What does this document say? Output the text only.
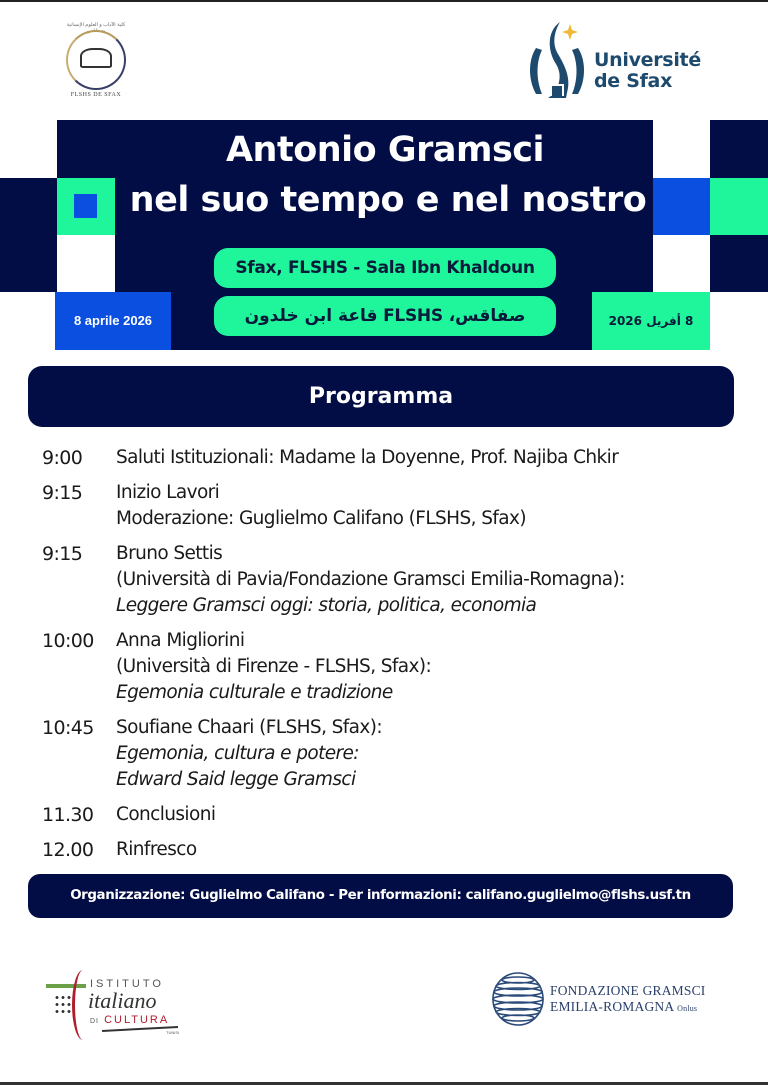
كلية الآداب و العلوم الإنسانية بصفاقس
FLSHS DE SFAX
Université
de Sfax
Antonio Gramsci
nel suo tempo e nel nostro
Sfax, FLSHS - Sala Ibn Khaldoun
صفاقس، FLSHS قاعة ابن خلدون
8 aprile 2026	8 أفريل 2026
Programma
9:00	Saluti Istituzionali: Madame la Doyenne, Prof. Najiba Chkir
9:15	Inizio Lavori
Moderazione: Guglielmo Califano (FLSHS, Sfax)
9:15	Bruno Settis
(Università di Pavia/Fondazione Gramsci Emilia-Romagna):
Leggere Gramsci oggi: storia, politica, economia
10:00	Anna Migliorini
(Università di Firenze - FLSHS, Sfax):
Egemonia culturale e tradizione
10:45	Soufiane Chaari (FLSHS, Sfax):
Egemonia, cultura e potere:
Edward Said legge Gramsci
11.30	Conclusioni
12.00	Rinfresco
Organizzazione: Guglielmo Califano - Per informazioni: califano.guglielmo@flshs.usf.tn
ISTITUTO
italiano
DI CULTURA
TUNISI
FONDAZIONE GRAMSCI
EMILIA-ROMAGNA Onlus
